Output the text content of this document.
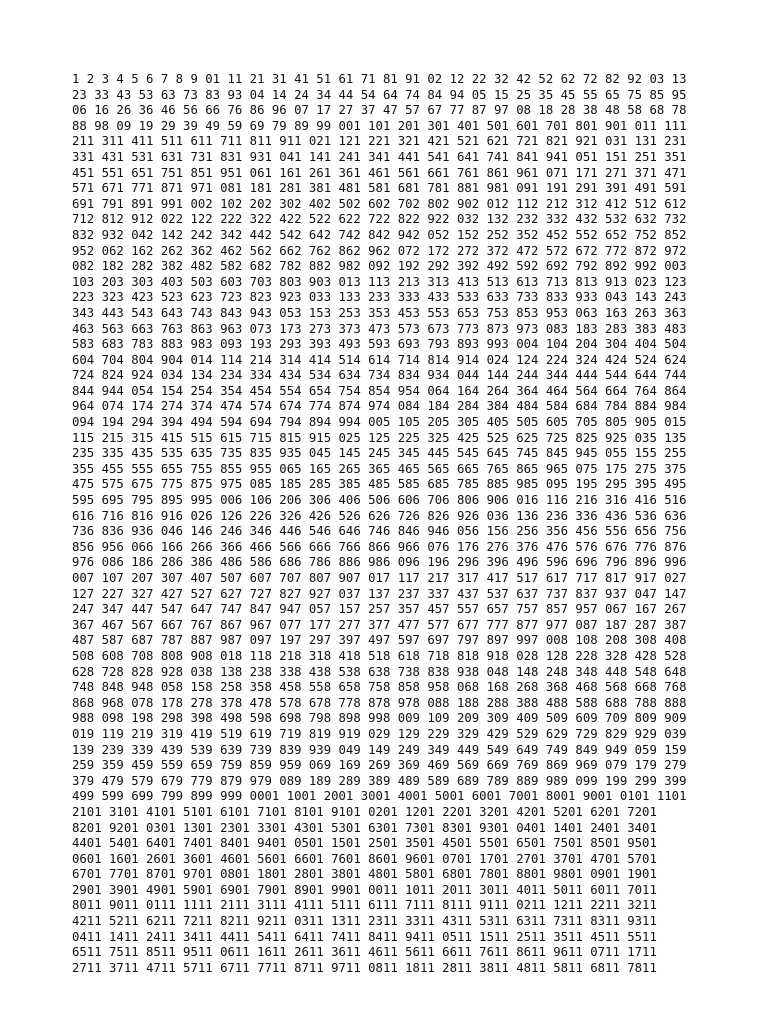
1 2 3 4 5 6 7 8 9 01 11 21 31 41 51 61 71 81 91 02 12 22 32 42 52 62 72 82 92 03 13
23 33 43 53 63 73 83 93 04 14 24 34 44 54 64 74 84 94 05 15 25 35 45 55 65 75 85 95
06 16 26 36 46 56 66 76 86 96 07 17 27 37 47 57 67 77 87 97 08 18 28 38 48 58 68 78
88 98 09 19 29 39 49 59 69 79 89 99 001 101 201 301 401 501 601 701 801 901 011 111
211 311 411 511 611 711 811 911 021 121 221 321 421 521 621 721 821 921 031 131 231
331 431 531 631 731 831 931 041 141 241 341 441 541 641 741 841 941 051 151 251 351
451 551 651 751 851 951 061 161 261 361 461 561 661 761 861 961 071 171 271 371 471
571 671 771 871 971 081 181 281 381 481 581 681 781 881 981 091 191 291 391 491 591
691 791 891 991 002 102 202 302 402 502 602 702 802 902 012 112 212 312 412 512 612
712 812 912 022 122 222 322 422 522 622 722 822 922 032 132 232 332 432 532 632 732
832 932 042 142 242 342 442 542 642 742 842 942 052 152 252 352 452 552 652 752 852
952 062 162 262 362 462 562 662 762 862 962 072 172 272 372 472 572 672 772 872 972
082 182 282 382 482 582 682 782 882 982 092 192 292 392 492 592 692 792 892 992 003
103 203 303 403 503 603 703 803 903 013 113 213 313 413 513 613 713 813 913 023 123
223 323 423 523 623 723 823 923 033 133 233 333 433 533 633 733 833 933 043 143 243
343 443 543 643 743 843 943 053 153 253 353 453 553 653 753 853 953 063 163 263 363
463 563 663 763 863 963 073 173 273 373 473 573 673 773 873 973 083 183 283 383 483
583 683 783 883 983 093 193 293 393 493 593 693 793 893 993 004 104 204 304 404 504
604 704 804 904 014 114 214 314 414 514 614 714 814 914 024 124 224 324 424 524 624
724 824 924 034 134 234 334 434 534 634 734 834 934 044 144 244 344 444 544 644 744
844 944 054 154 254 354 454 554 654 754 854 954 064 164 264 364 464 564 664 764 864
964 074 174 274 374 474 574 674 774 874 974 084 184 284 384 484 584 684 784 884 984
094 194 294 394 494 594 694 794 894 994 005 105 205 305 405 505 605 705 805 905 015
115 215 315 415 515 615 715 815 915 025 125 225 325 425 525 625 725 825 925 035 135
235 335 435 535 635 735 835 935 045 145 245 345 445 545 645 745 845 945 055 155 255
355 455 555 655 755 855 955 065 165 265 365 465 565 665 765 865 965 075 175 275 375
475 575 675 775 875 975 085 185 285 385 485 585 685 785 885 985 095 195 295 395 495
595 695 795 895 995 006 106 206 306 406 506 606 706 806 906 016 116 216 316 416 516
616 716 816 916 026 126 226 326 426 526 626 726 826 926 036 136 236 336 436 536 636
736 836 936 046 146 246 346 446 546 646 746 846 946 056 156 256 356 456 556 656 756
856 956 066 166 266 366 466 566 666 766 866 966 076 176 276 376 476 576 676 776 876
976 086 186 286 386 486 586 686 786 886 986 096 196 296 396 496 596 696 796 896 996
007 107 207 307 407 507 607 707 807 907 017 117 217 317 417 517 617 717 817 917 027
127 227 327 427 527 627 727 827 927 037 137 237 337 437 537 637 737 837 937 047 147
247 347 447 547 647 747 847 947 057 157 257 357 457 557 657 757 857 957 067 167 267
367 467 567 667 767 867 967 077 177 277 377 477 577 677 777 877 977 087 187 287 387
487 587 687 787 887 987 097 197 297 397 497 597 697 797 897 997 008 108 208 308 408
508 608 708 808 908 018 118 218 318 418 518 618 718 818 918 028 128 228 328 428 528
628 728 828 928 038 138 238 338 438 538 638 738 838 938 048 148 248 348 448 548 648
748 848 948 058 158 258 358 458 558 658 758 858 958 068 168 268 368 468 568 668 768
868 968 078 178 278 378 478 578 678 778 878 978 088 188 288 388 488 588 688 788 888
988 098 198 298 398 498 598 698 798 898 998 009 109 209 309 409 509 609 709 809 909
019 119 219 319 419 519 619 719 819 919 029 129 229 329 429 529 629 729 829 929 039
139 239 339 439 539 639 739 839 939 049 149 249 349 449 549 649 749 849 949 059 159
259 359 459 559 659 759 859 959 069 169 269 369 469 569 669 769 869 969 079 179 279
379 479 579 679 779 879 979 089 189 289 389 489 589 689 789 889 989 099 199 299 399
499 599 699 799 899 999 0001 1001 2001 3001 4001 5001 6001 7001 8001 9001 0101 1101
2101 3101 4101 5101 6101 7101 8101 9101 0201 1201 2201 3201 4201 5201 6201 7201
8201 9201 0301 1301 2301 3301 4301 5301 6301 7301 8301 9301 0401 1401 2401 3401
4401 5401 6401 7401 8401 9401 0501 1501 2501 3501 4501 5501 6501 7501 8501 9501
0601 1601 2601 3601 4601 5601 6601 7601 8601 9601 0701 1701 2701 3701 4701 5701
6701 7701 8701 9701 0801 1801 2801 3801 4801 5801 6801 7801 8801 9801 0901 1901
2901 3901 4901 5901 6901 7901 8901 9901 0011 1011 2011 3011 4011 5011 6011 7011
8011 9011 0111 1111 2111 3111 4111 5111 6111 7111 8111 9111 0211 1211 2211 3211
4211 5211 6211 7211 8211 9211 0311 1311 2311 3311 4311 5311 6311 7311 8311 9311
0411 1411 2411 3411 4411 5411 6411 7411 8411 9411 0511 1511 2511 3511 4511 5511
6511 7511 8511 9511 0611 1611 2611 3611 4611 5611 6611 7611 8611 9611 0711 1711
2711 3711 4711 5711 6711 7711 8711 9711 0811 1811 2811 3811 4811 5811 6811 7811
